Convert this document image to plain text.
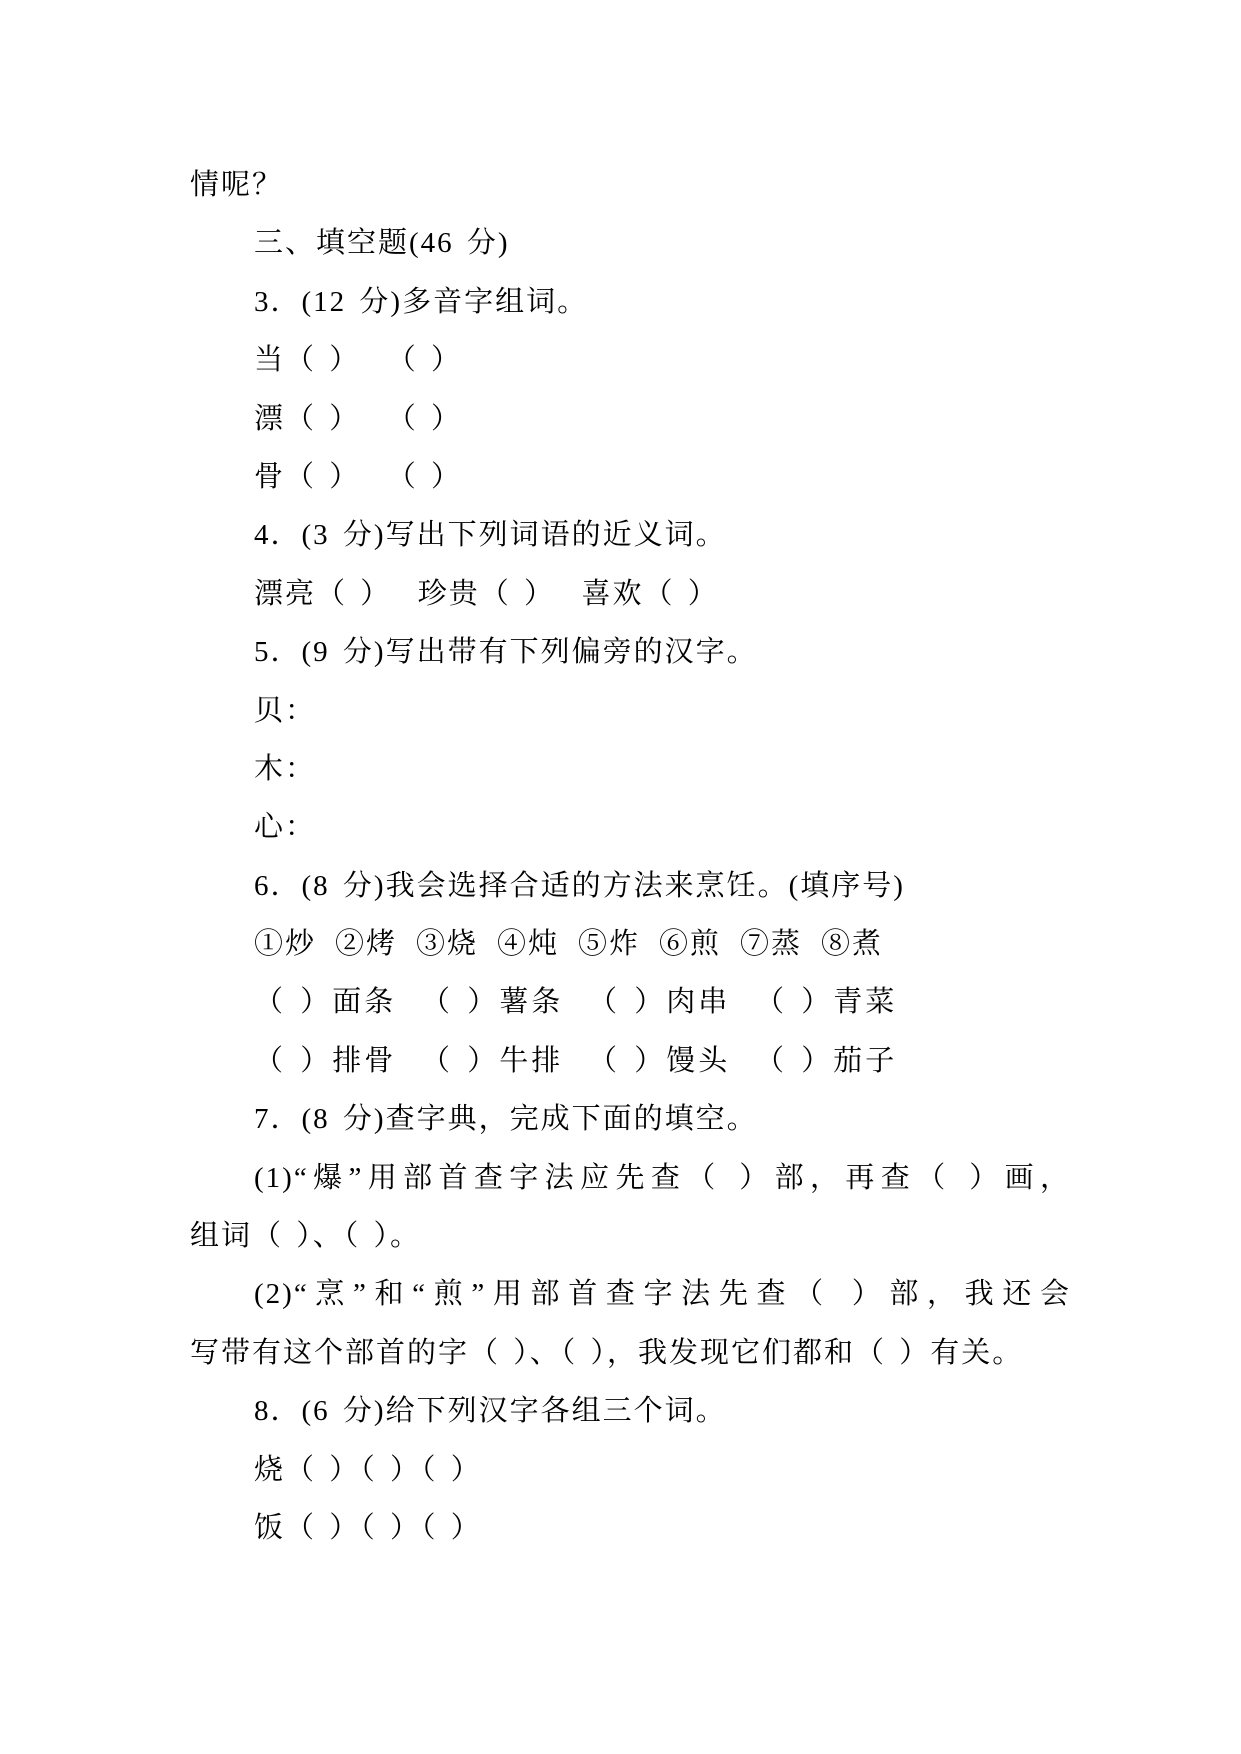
情呢？
三、填空题(46 分)
3．(12 分)多音字组词。
当（ ）  （ ）
漂（ ）  （ ）
骨（ ）  （ ）
4．(3 分)写出下列词语的近义词。
漂亮（ ）  珍贵（ ）  喜欢（ ）
5．(9 分)写出带有下列偏旁的汉字。
贝：
木：
心：
6．(8 分)我会选择合适的方法来烹饪。(填序号)
①炒 ②烤 ③烧 ④炖 ⑤炸 ⑥煎 ⑦蒸 ⑧煮
（ ）面条 （ ）薯条 （ ）肉串 （ ）青菜
（ ）排骨 （ ）牛排 （ ）馒头 （ ）茄子
7．(8 分)查字典，完成下面的填空。
(1)“爆”用部首查字法应先查（ ）部，再查（ ）画，
组词（ ）、（ ）。
(2)“烹”和“煎”用部首查字法先查（ ）部，我还会
写带有这个部首的字（ ）、（ ），我发现它们都和（ ）有关。
8．(6 分)给下列汉字各组三个词。
烧（ ）（ ）（ ）
饭（ ）（ ）（ ）
